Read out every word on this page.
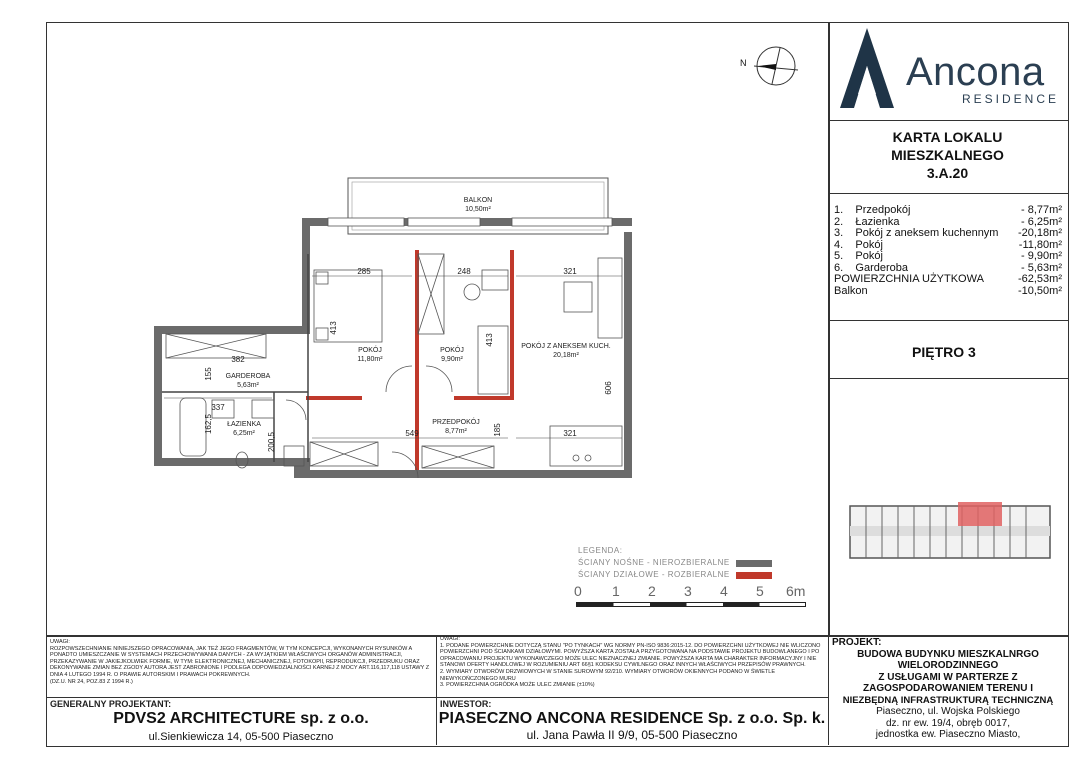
Ancona
RESIDENCE
N
KARTA LOKALU
MIESZKALNEGO
3.A.20
1.    Przedpokój	- 8,77m²
2.    Łazienka	- 6,25m²
3.    Pokój z aneksem kuchennym -20,18m²
4.    Pokój	-11,80m²
5.    Pokój	- 9,90m²
6.    Garderoba	- 5,63m²
POWIERZCHNIA UŻYTKOWA	-62,53m²
Balkon	-10,50m²
PIĘTRO 3
BALKON
10,50m²
POKÓJ
11,80m²
POKÓJ
9,90m²
POKÓJ Z ANEKSEM KUCH.
20,18m²
GARDEROBA
5,63m²
ŁAZIENKA
6,25m²
PRZEDPOKÓJ
8,77m²
285	248	321
382
337
549	321
413
413
155
162,5
200,5
185
606
LEGENDA:
ŚCIANY NOŚNE - NIEROZBIERALNE
ŚCIANY DZIAŁOWE - ROZBIERALNE
0 1 2 3 4 5 6m
UWAGI:
ROZPOWSZECHNIANIE NINIEJSZEGO OPRACOWANIA, JAK TEŻ JEGO FRAGMENTÓW, W TYM KONCEPCJI, WYKONANYCH RYSUNKÓW A PONADTO UMIESZCZANIE W SYSTEMACH PRZECHOWYWANIA DANYCH - ZA WYJĄTKIEM WŁAŚCIWYCH ORGANÓW ADMINISTRACJI, PRZEKAZYWANIE W JAKIEJKOLWIEK FORMIE, W TYM: ELEKTRONICZNEJ, MECHANICZNEJ, FOTOKOPII, REPRODUKCJI, PRZEDRUKU ORAZ DEKONYWANIE ZMIAN BEZ ZGODY AUTORA JEST ZABRONIONE I PODLEGA ODPOWIEDZIALNOŚCI KARNEJ Z MOCY ART.116,117,118 USTAWY Z DNIA 4 LUTEGO 1994 R. O PRAWIE AUTORSKIM I PRAWACH POKREWNYCH.
(DZ.U. NR 24, POZ.83 Z 1994 R.)
UWAGI:
1. PODANE POWIERZCHNIE DOTYCZĄ STANU "PO TYNKACH" WG NORMY PN-ISO 9836:2015-12. DO POWIERZCHNI UŻYTKOWEJ NIE WLICZONO POWIERZCHNI POD ŚCIANKAMI DZIAŁOWYMI. POWYŻSZA KARTA ZOSTAŁA PRZYGOTOWANA NA PODSTAWIE PROJEKTU BUDOWLANEGO I PO OPRACOWANIU PROJEKTU WYKONAWCZEGO MOŻE ULEC NIEZNACZNEJ ZMIANIE. POWYŻSZA KARTA MA CHARAKTER INFORMACYJNY I NIE STANOWI OFERTY HANDLOWEJ W ROZUMIENIU ART 66§1 KODEKSU CYWILNEGO ORAZ INNYCH WŁAŚCIWYCH PRZEPISÓW PRAWNYCH.
2. WYMIARY OTWORÓW DRZWIOWYCH W STANIE SUROWYM 92/210. WYMIARY OTWORÓW OKIENNYCH PODANO W ŚWIETLE NIEWYKOŃCZONEGO MURU
3. POWIERZCHNIA OGRÓDKA MOŻE ULEC ZMIANIE (±10%)
GENERALNY PROJEKTANT:
PDVS2 ARCHITECTURE sp. z o.o.
ul.Sienkiewicza 14, 05-500 Piaseczno
INWESTOR:
PIASECZNO ANCONA RESIDENCE Sp. z o.o. Sp. k.
ul. Jana Pawła II 9/9, 05-500 Piaseczno
PROJEKT:
BUDOWA BUDYNKU MIESZKALNRGO
WIELORODZINNEGO
Z USŁUGAMI W PARTERZE Z
ZAGOSPODAROWANIEM TERENU I
NIEZBĘDNĄ INFRASTRUKTURĄ TECHNICZNĄ
Piaseczno, ul. Wojska Polskiego
dz. nr ew. 19/4, obręb 0017,
jednostka ew. Piaseczno Miasto,
